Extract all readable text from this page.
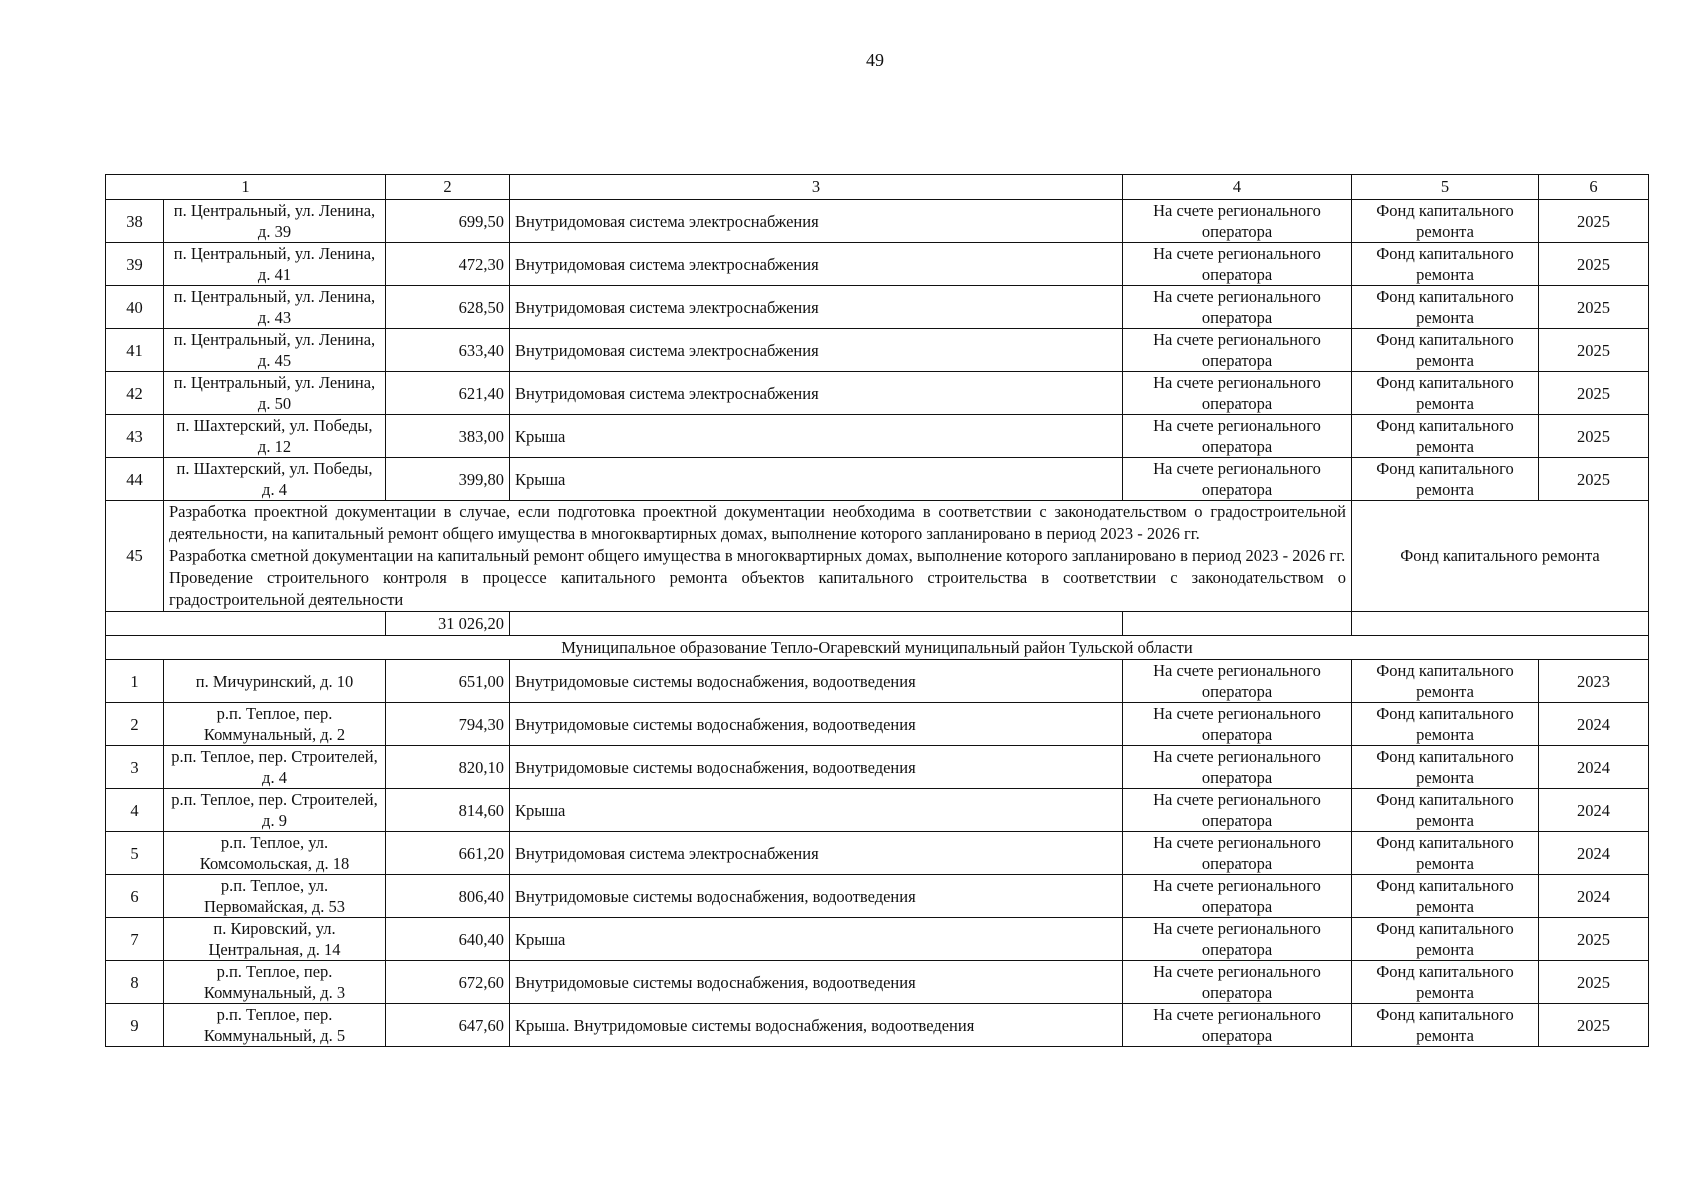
49
1		2	3	4	5	6
38	п. Центральный, ул. Ленина, д. 39	699,50	Внутридомовая система электроснабжения	На счете регионального оператора	Фонд капитального ремонта	2025
39	п. Центральный, ул. Ленина, д. 41	472,30	Внутридомовая система электроснабжения	На счете регионального оператора	Фонд капитального ремонта	2025
40	п. Центральный, ул. Ленина, д. 43	628,50	Внутридомовая система электроснабжения	На счете регионального оператора	Фонд капитального ремонта	2025
41	п. Центральный, ул. Ленина, д. 45	633,40	Внутридомовая система электроснабжения	На счете регионального оператора	Фонд капитального ремонта	2025
42	п. Центральный, ул. Ленина, д. 50	621,40	Внутридомовая система электроснабжения	На счете регионального оператора	Фонд капитального ремонта	2025
43	п. Шахтерский, ул. Победы, д. 12	383,00	Крыша	На счете регионального оператора	Фонд капитального ремонта	2025
44	п. Шахтерский, ул. Победы, д. 4	399,80	Крыша	На счете регионального оператора	Фонд капитального ремонта	2025
45	Разработка проектной документации в случае, если подготовка проектной документации необходима в соответствии с законодательством о градостроительной деятельности, на капитальный ремонт общего имущества в многоквартирных домах, выполнение которого запланировано в период 2023 - 2026 гг.
Разработка сметной документации на капитальный ремонт общего имущества в многоквартирных домах, выполнение которого запланировано в период 2023 - 2026 гг.
Проведение строительного контроля в процессе капитального ремонта объектов капитального строительства в соответствии с законодательством о градостроительной деятельности				Фонд капитального ремонта	
		31 026,20				
Муниципальное образование Тепло-Огаревский муниципальный район Тульской области						
1	п. Мичуринский, д. 10	651,00	Внутридомовые системы водоснабжения, водоотведения	На счете регионального оператора	Фонд капитального ремонта	2023
2	р.п. Теплое, пер. Коммунальный, д. 2	794,30	Внутридомовые системы водоснабжения, водоотведения	На счете регионального оператора	Фонд капитального ремонта	2024
3	р.п. Теплое, пер. Строителей, д. 4	820,10	Внутридомовые системы водоснабжения, водоотведения	На счете регионального оператора	Фонд капитального ремонта	2024
4	р.п. Теплое, пер. Строителей, д. 9	814,60	Крыша	На счете регионального оператора	Фонд капитального ремонта	2024
5	р.п. Теплое, ул. Комсомольская, д. 18	661,20	Внутридомовая система электроснабжения	На счете регионального оператора	Фонд капитального ремонта	2024
6	р.п. Теплое, ул. Первомайская, д. 53	806,40	Внутридомовые системы водоснабжения, водоотведения	На счете регионального оператора	Фонд капитального ремонта	2024
7	п. Кировский, ул. Центральная, д. 14	640,40	Крыша	На счете регионального оператора	Фонд капитального ремонта	2025
8	р.п. Теплое, пер. Коммунальный, д. 3	672,60	Внутридомовые системы водоснабжения, водоотведения	На счете регионального оператора	Фонд капитального ремонта	2025
9	р.п. Теплое, пер. Коммунальный, д. 5	647,60	Крыша. Внутридомовые системы водоснабжения, водоотведения	На счете регионального оператора	Фонд капитального ремонта	2025
